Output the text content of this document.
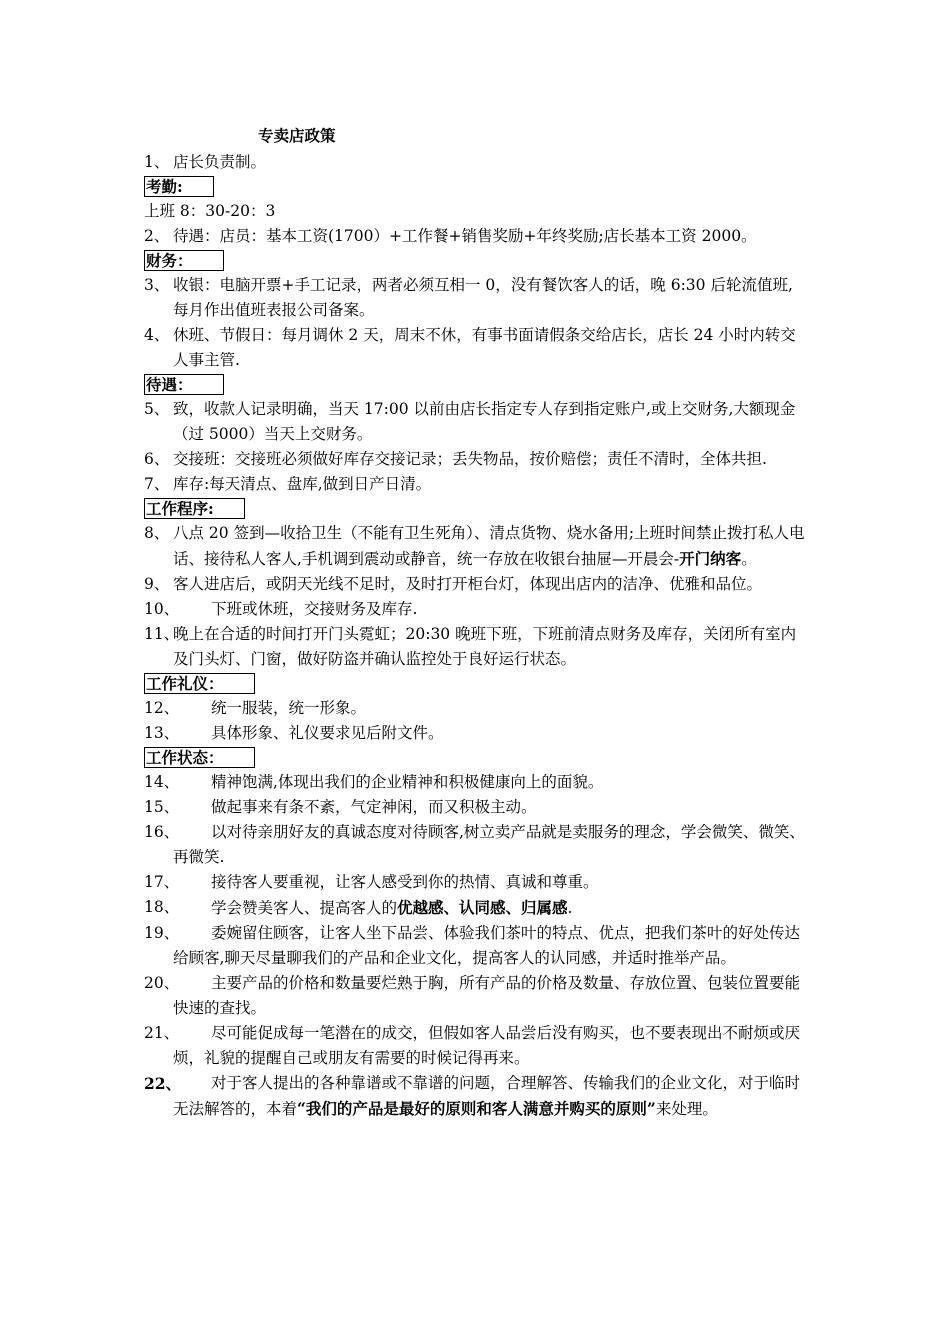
专卖店政策
1、 店长负责制。
考勤:
上班 8：30-20：3
2、 待遇：店员：基本工资(1700）+工作餐+销售奖励+年终奖励;店长基本工资 2000。
财务：
3、 收银：电脑开票+手工记录，两者必须互相一 0，没有餐饮客人的话，晚 6:30 后轮流值班,每月作出值班表报公司备案。
4、 休班、节假日：每月调休 2 天，周末不休，有事书面请假条交给店长，店长 24 小时内转交人事主管.
待遇：
5、 致，收款人记录明确，当天 17:00 以前由店长指定专人存到指定账户,或上交财务,大额现金（过 5000）当天上交财务。
6、 交接班：交接班必须做好库存交接记录；丢失物品，按价赔偿；责任不清时，全体共担.
7、 库存:每天清点、盘库,做到日产日清。
工作程序:
8、 八点 20 签到—收拾卫生（不能有卫生死角）、清点货物、烧水备用;上班时间禁止拨打私人电话、接待私人客人,手机调到震动或静音，统一存放在收银台抽屉—开晨会-开门纳客。
9、 客人进店后，或阴天光线不足时，及时打开柜台灯，体现出店内的洁净、优雅和品位。
10、	下班或休班，交接财务及库存.
11、
晚上在合适的时间打开门头霓虹；20:30 晚班下班，下班前清点财务及库存，关闭所有室内及门头灯、门窗，做好防盗并确认监控处于良好运行状态。
工作礼仪：
12、	统一服装，统一形象。
13、	具体形象、礼仪要求见后附文件。
工作状态：
14、	精神饱满,体现出我们的企业精神和积极健康向上的面貌。
15、	做起事来有条不紊，气定神闲，而又积极主动。
16、	以对待亲朋好友的真诚态度对待顾客,树立卖产品就是卖服务的理念，学会微笑、微笑、再微笑.
17、	接待客人要重视，让客人感受到你的热情、真诚和尊重。
18、	学会赞美客人、提高客人的优越感、认同感、归属感.
19、	委婉留住顾客，让客人坐下品尝、体验我们茶叶的特点、优点，把我们茶叶的好处传达给顾客,聊天尽量聊我们的产品和企业文化，提高客人的认同感，并适时推举产品。
20、	主要产品的价格和数量要烂熟于胸，所有产品的价格及数量、存放位置、包装位置要能快速的查找。
21、	尽可能促成每一笔潜在的成交，但假如客人品尝后没有购买，也不要表现出不耐烦或厌烦，礼貌的提醒自己或朋友有需要的时候记得再来。
22、	对于客人提出的各种靠谱或不靠谱的问题，合理解答、传输我们的企业文化，对于临时无法解答的，本着“我们的产品是最好的原则和客人满意并购买的原则”来处理。
